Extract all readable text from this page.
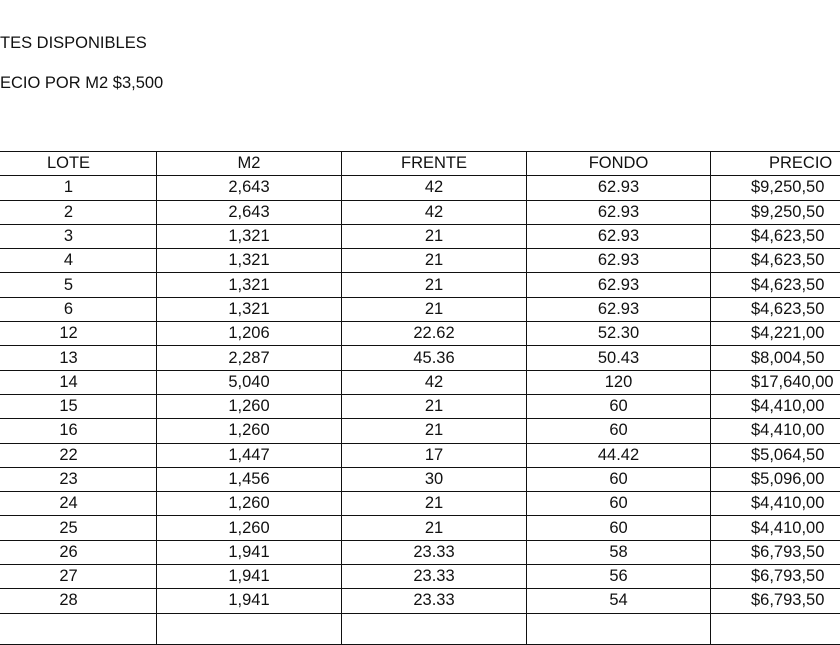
TES DISPONIBLES
ECIO POR M2 $3,500
LOTE	M2	FRENTE	FONDO	PRECIO
1	2,643	42	62.93	$9,250,50
2	2,643	42	62.93	$9,250,50
3	1,321	21	62.93	$4,623,50
4	1,321	21	62.93	$4,623,50
5	1,321	21	62.93	$4,623,50
6	1,321	21	62.93	$4,623,50
12	1,206	22.62	52.30	$4,221,00
13	2,287	45.36	50.43	$8,004,50
14	5,040	42	120	$17,640,00
15	1,260	21	60	$4,410,00
16	1,260	21	60	$4,410,00
22	1,447	17	44.42	$5,064,50
23	1,456	30	60	$5,096,00
24	1,260	21	60	$4,410,00
25	1,260	21	60	$4,410,00
26	1,941	23.33	58	$6,793,50
27	1,941	23.33	56	$6,793,50
28	1,941	23.33	54	$6,793,50
